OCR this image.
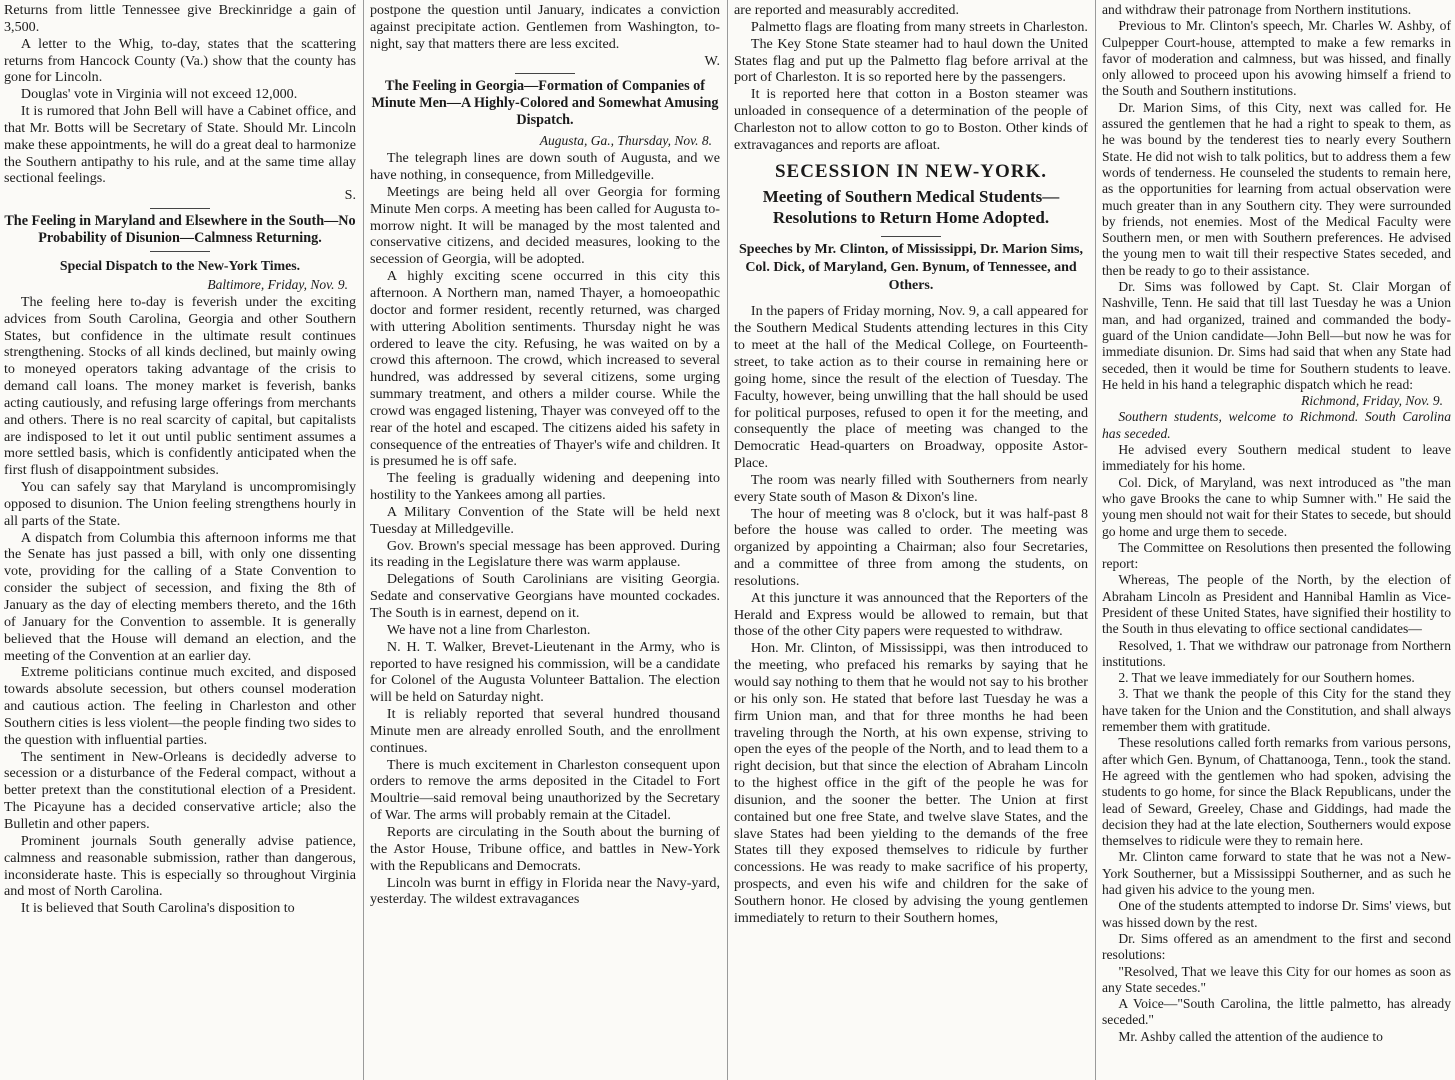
Returns from little Tennessee give Breckinridge a gain of 3,500.

A letter to the Whig, to-day, states that the scattering returns from Hancock County (Va.) show that the county has gone for Lincoln.

Douglas' vote in Virginia will not exceed 12,000.

It is rumored that John Bell will have a Cabinet office, and that Mr. Botts will be Secretary of State. Should Mr. Lincoln make these appointments, he will do a great deal to harmonize the Southern antipathy to his rule, and at the same time allay sectional feelings.

S.

The Feeling in Maryland and Elsewhere in the South—No Probability of Disunion—Calmness Returning.

Special Dispatch to the New-York Times.

Baltimore, Friday, Nov. 9.

The feeling here to-day is feverish under the exciting advices from South Carolina, Georgia and other Southern States, but confidence in the ultimate result continues strengthening. Stocks of all kinds declined, but mainly owing to moneyed operators taking advantage of the crisis to demand call loans. The money market is feverish, banks acting cautiously, and refusing large offerings from merchants and others. There is no real scarcity of capital, but capitalists are indisposed to let it out until public sentiment assumes a more settled basis, which is confidently anticipated when the first flush of disappointment subsides.

You can safely say that Maryland is uncompromisingly opposed to disunion. The Union feeling strengthens hourly in all parts of the State.

A dispatch from Columbia this afternoon informs me that the Senate has just passed a bill, with only one dissenting vote, providing for the calling of a State Convention to consider the subject of secession, and fixing the 8th of January as the day of electing members thereto, and the 16th of January for the Convention to assemble. It is generally believed that the House will demand an election, and the meeting of the Convention at an earlier day.

Extreme politicians continue much excited, and disposed towards absolute secession, but others counsel moderation and cautious action. The feeling in Charleston and other Southern cities is less violent—the people finding two sides to the question with influential parties.

The sentiment in New-Orleans is decidedly adverse to secession or a disturbance of the Federal compact, without a better pretext than the constitutional election of a President. The Picayune has a decided conservative article; also the Bulletin and other papers.

Prominent journals South generally advise patience, calmness and reasonable submission, rather than dangerous, inconsiderate haste. This is especially so throughout Virginia and most of North Carolina.

It is believed that South Carolina's disposition to

postpone the question until January, indicates a conviction against precipitate action. Gentlemen from Washington, to-night, say that matters there are less excited.

W.

The Feeling in Georgia—Formation of Companies of Minute Men—A Highly-Colored and Somewhat Amusing Dispatch.

Augusta, Ga., Thursday, Nov. 8.

The telegraph lines are down south of Augusta, and we have nothing, in consequence, from Milledgeville.

Meetings are being held all over Georgia for forming Minute Men corps. A meeting has been called for Augusta to-morrow night. It will be managed by the most talented and conservative citizens, and decided measures, looking to the secession of Georgia, will be adopted.

A highly exciting scene occurred in this city this afternoon. A Northern man, named Thayer, a homoeopathic doctor and former resident, recently returned, was charged with uttering Abolition sentiments. Thursday night he was ordered to leave the city. Refusing, he was waited on by a crowd this afternoon. The crowd, which increased to several hundred, was addressed by several citizens, some urging summary treatment, and others a milder course. While the crowd was engaged listening, Thayer was conveyed off to the rear of the hotel and escaped. The citizens aided his safety in consequence of the entreaties of Thayer's wife and children. It is presumed he is off safe.

The feeling is gradually widening and deepening into hostility to the Yankees among all parties.

A Military Convention of the State will be held next Tuesday at Milledgeville.

Gov. Brown's special message has been approved. During its reading in the Legislature there was warm applause.

Delegations of South Carolinians are visiting Georgia. Sedate and conservative Georgians have mounted cockades. The South is in earnest, depend on it.

We have not a line from Charleston.

N. H. T. Walker, Brevet-Lieutenant in the Army, who is reported to have resigned his commission, will be a candidate for Colonel of the Augusta Volunteer Battalion. The election will be held on Saturday night.

It is reliably reported that several hundred thousand Minute men are already enrolled South, and the enrollment continues.

There is much excitement in Charleston consequent upon orders to remove the arms deposited in the Citadel to Fort Moultrie—said removal being unauthorized by the Secretary of War. The arms will probably remain at the Citadel.

Reports are circulating in the South about the burning of the Astor House, Tribune office, and battles in New-York with the Republicans and Democrats.

Lincoln was burnt in effigy in Florida near the Navy-yard, yesterday. The wildest extravagances

are reported and measurably accredited.

Palmetto flags are floating from many streets in Charleston.

The Key Stone State steamer had to haul down the United States flag and put up the Palmetto flag before arrival at the port of Charleston. It is so reported here by the passengers.

It is reported here that cotton in a Boston steamer was unloaded in consequence of a determination of the people of Charleston not to allow cotton to go to Boston. Other kinds of extravagances and reports are afloat.

SECESSION IN NEW-YORK.

Meeting of Southern Medical Students—Resolutions to Return Home Adopted.

Speeches by Mr. Clinton, of Mississippi, Dr. Marion Sims, Col. Dick, of Maryland, Gen. Bynum, of Tennessee, and Others.

In the papers of Friday morning, Nov. 9, a call appeared for the Southern Medical Students attending lectures in this City to meet at the hall of the Medical College, on Fourteenth-street, to take action as to their course in remaining here or going home, since the result of the election of Tuesday. The Faculty, however, being unwilling that the hall should be used for political purposes, refused to open it for the meeting, and consequently the place of meeting was changed to the Democratic Head-quarters on Broadway, opposite Astor-Place.

The room was nearly filled with Southerners from nearly every State south of Mason & Dixon's line.

The hour of meeting was 8 o'clock, but it was half-past 8 before the house was called to order. The meeting was organized by appointing a Chairman; also four Secretaries, and a committee of three from among the students, on resolutions.

At this juncture it was announced that the Reporters of the Herald and Express would be allowed to remain, but that those of the other City papers were requested to withdraw.

Hon. Mr. Clinton, of Mississippi, was then introduced to the meeting, who prefaced his remarks by saying that he would say nothing to them that he would not say to his brother or his only son. He stated that before last Tuesday he was a firm Union man, and that for three months he had been traveling through the North, at his own expense, striving to open the eyes of the people of the North, and to lead them to a right decision, but that since the election of Abraham Lincoln to the highest office in the gift of the people he was for disunion, and the sooner the better. The Union at first contained but one free State, and twelve slave States, and the slave States had been yielding to the demands of the free States till they exposed themselves to ridicule by further concessions. He was ready to make sacrifice of his property, prospects, and even his wife and children for the sake of Southern honor. He closed by advising the young gentlemen immediately to return to their Southern homes,

and withdraw their patronage from Northern institutions.

Previous to Mr. Clinton's speech, Mr. Charles W. Ashby, of Culpepper Court-house, attempted to make a few remarks in favor of moderation and calmness, but was hissed, and finally only allowed to proceed upon his avowing himself a friend to the South and Southern institutions.

Dr. Marion Sims, of this City, next was called for. He assured the gentlemen that he had a right to speak to them, as he was bound by the tenderest ties to nearly every Southern State. He did not wish to talk politics, but to address them a few words of tenderness. He counseled the students to remain here, as the opportunities for learning from actual observation were much greater than in any Southern city. They were surrounded by friends, not enemies. Most of the Medical Faculty were Southern men, or men with Southern preferences. He advised the young men to wait till their respective States seceded, and then be ready to go to their assistance.

Dr. Sims was followed by Capt. St. Clair Morgan of Nashville, Tenn. He said that till last Tuesday he was a Union man, and had organized, trained and commanded the body-guard of the Union candidate—John Bell—but now he was for immediate disunion. Dr. Sims had said that when any State had seceded, then it would be time for Southern students to leave. He held in his hand a telegraphic dispatch which he read:

Richmond, Friday, Nov. 9.

Southern students, welcome to Richmond. South Carolina has seceded.

He advised every Southern medical student to leave immediately for his home.

Col. Dick, of Maryland, was next introduced as "the man who gave Brooks the cane to whip Sumner with." He said the young men should not wait for their States to secede, but should go home and urge them to secede.

The Committee on Resolutions then presented the following report:

Whereas, The people of the North, by the election of Abraham Lincoln as President and Hannibal Hamlin as Vice-President of these United States, have signified their hostility to the South in thus elevating to office sectional candidates—

Resolved, 1. That we withdraw our patronage from Northern institutions.

2. That we leave immediately for our Southern homes.

3. That we thank the people of this City for the stand they have taken for the Union and the Constitution, and shall always remember them with gratitude.

These resolutions called forth remarks from various persons, after which Gen. Bynum, of Chattanooga, Tenn., took the stand. He agreed with the gentlemen who had spoken, advising the students to go home, for since the Black Republicans, under the lead of Seward, Greeley, Chase and Giddings, had made the decision they had at the late election, Southerners would expose themselves to ridicule were they to remain here.

Mr. Clinton came forward to state that he was not a New-York Southerner, but a Mississippi Southerner, and as such he had given his advice to the young men.

One of the students attempted to indorse Dr. Sims' views, but was hissed down by the rest.

Dr. Sims offered as an amendment to the first and second resolutions:

"Resolved, That we leave this City for our homes as soon as any State secedes."

A Voice—"South Carolina, the little palmetto, has already seceded."

Mr. Ashby called the attention of the audience to
